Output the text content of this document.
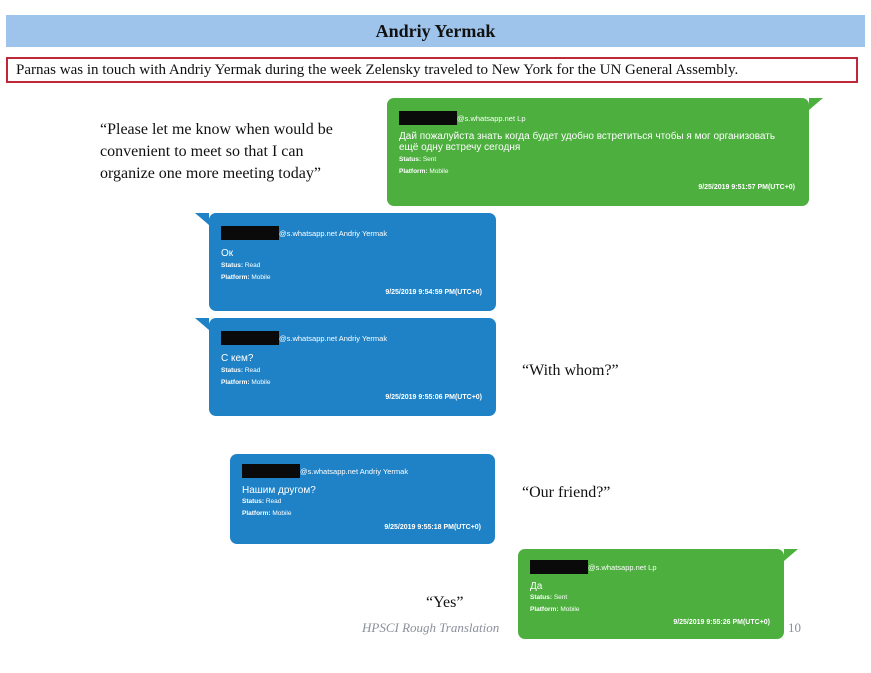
Andriy Yermak
Parnas was in touch with Andriy Yermak during the week Zelensky traveled to New York for the UN General Assembly.
“Please let me know when would be
convenient to meet so that I can
organize one more meeting today”
@s.whatsapp.net Lp
Дай пожалуйста знать когда будет удобно встретиться чтобы я мог организовать
ещё одну встречу сегодня
Status: Sent
Platform: Mobile
9/25/2019 9:51:57 PM(UTC+0)
@s.whatsapp.net Andriy Yermak
Ок
Status: Read
Platform: Mobile
9/25/2019 9:54:59 PM(UTC+0)
@s.whatsapp.net Andriy Yermak
С кем?
Status: Read
Platform: Mobile
9/25/2019 9:55:06 PM(UTC+0)
“With whom?”
@s.whatsapp.net Andriy Yermak
Нашим другом?
Status: Read
Platform: Mobile
9/25/2019 9:55:18 PM(UTC+0)
“Our friend?”
@s.whatsapp.net Lp
Да
Status: Sent
Platform: Mobile
9/25/2019 9:55:26 PM(UTC+0)
“Yes”
HPSCI Rough Translation	10
